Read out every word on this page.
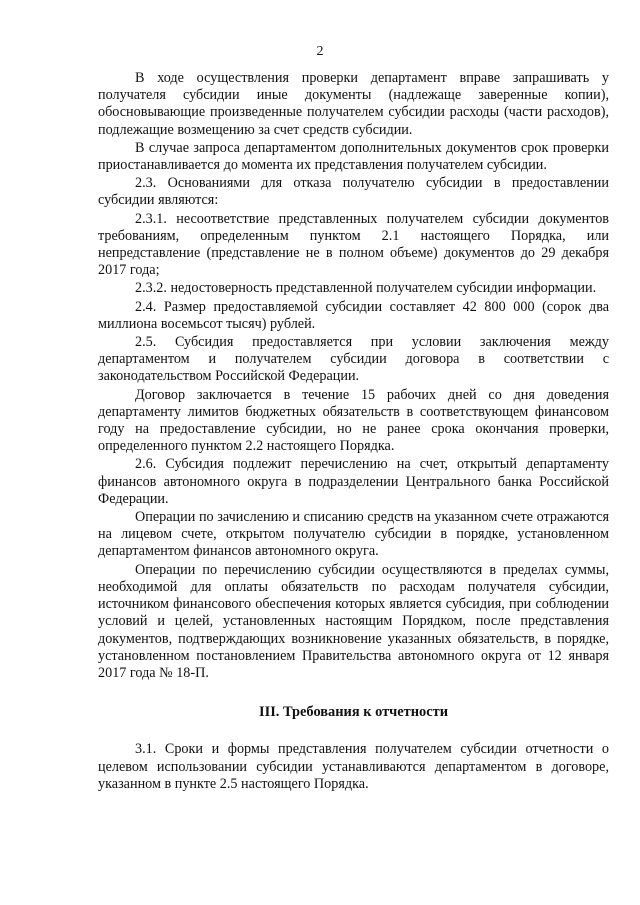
2

В ходе осуществления проверки департамент вправе запрашивать у получателя субсидии иные документы (надлежаще заверенные копии), обосновывающие произведенные получателем субсидии расходы (части расходов), подлежащие возмещению за счет средств субсидии.

В случае запроса департаментом дополнительных документов срок проверки приостанавливается до момента их представления получателем субсидии.

2.3. Основаниями для отказа получателю субсидии в предоставлении субсидии являются:

2.3.1. несоответствие представленных получателем субсидии документов требованиям, определенным пунктом 2.1 настоящего Порядка, или непредставление (представление не в полном объеме) документов до 29 декабря 2017 года;

2.3.2. недостоверность представленной получателем субсидии информации.

2.4. Размер предоставляемой субсидии составляет 42 800 000 (сорок два миллиона восемьсот тысяч) рублей.

2.5. Субсидия предоставляется при условии заключения между департаментом и получателем субсидии договора в соответствии с законодательством Российской Федерации.

Договор заключается в течение 15 рабочих дней со дня доведения департаменту лимитов бюджетных обязательств в соответствующем финансовом году на предоставление субсидии, но не ранее срока окончания проверки, определенного пунктом 2.2 настоящего Порядка.

2.6. Субсидия подлежит перечислению на счет, открытый департаменту финансов автономного округа в подразделении Центрального банка Российской Федерации.

Операции по зачислению и списанию средств на указанном счете отражаются на лицевом счете, открытом получателю субсидии в порядке, установленном департаментом финансов автономного округа.

Операции по перечислению субсидии осуществляются в пределах суммы, необходимой для оплаты обязательств по расходам получателя субсидии, источником финансового обеспечения которых является субсидия, при соблюдении условий и целей, установленных настоящим Порядком, после представления документов, подтверждающих возникновение указанных обязательств, в порядке, установленном постановлением Правительства автономного округа от 12 января 2017 года № 18-П.

III. Требования к отчетности

3.1. Сроки и формы представления получателем субсидии отчетности о целевом использовании субсидии устанавливаются департаментом в договоре, указанном в пункте 2.5 настоящего Порядка.
